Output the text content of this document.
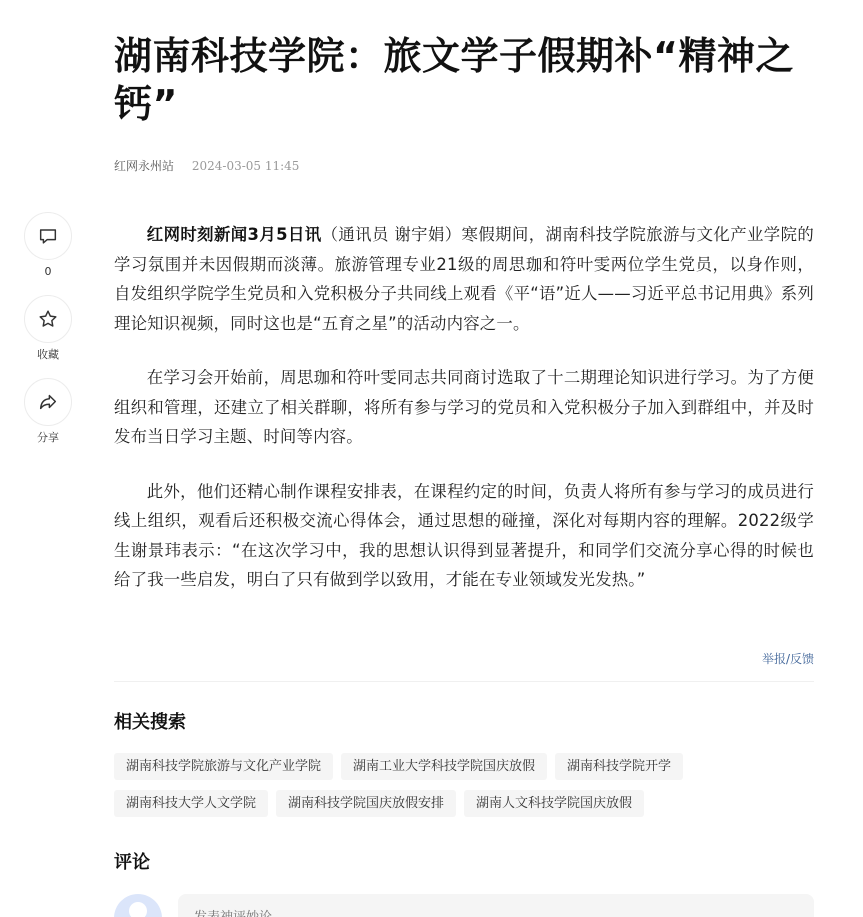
湖南科技学院：旅文学子假期补“精神之钙”
红网永州站 2024-03-05 11:45
0
收藏
分享

红网时刻新闻3月5日讯（通讯员 谢宇娟）寒假期间，湖南科技学院旅游与文化产业学院的学习氛围并未因假期而淡薄。旅游管理专业21级的周思珈和符叶雯两位学生党员，以身作则，自发组织学院学生党员和入党积极分子共同线上观看《平“语”近人——习近平总书记用典》系列理论知识视频，同时这也是“五育之星”的活动内容之一。

在学习会开始前，周思珈和符叶雯同志共同商讨选取了十二期理论知识进行学习。为了方便组织和管理，还建立了相关群聊，将所有参与学习的党员和入党积极分子加入到群组中，并及时发布当日学习主题、时间等内容。

此外，他们还精心制作课程安排表，在课程约定的时间，负责人将所有参与学习的成员进行线上组织，观看后还积极交流心得体会，通过思想的碰撞，深化对每期内容的理解。2022级学生谢景玮表示：“在这次学习中，我的思想认识得到显著提升，和同学们交流分享心得的时候也给了我一些启发，明白了只有做到学以致用，才能在专业领域发光发热。”

举报/反馈
相关搜索
湖南科技学院旅游与文化产业学院	湖南工业大学科技学院国庆放假	湖南科技学院开学
湖南科技大学人文学院	湖南科技学院国庆放假安排	湖南人文科技学院国庆放假
评论
发表神评妙论
